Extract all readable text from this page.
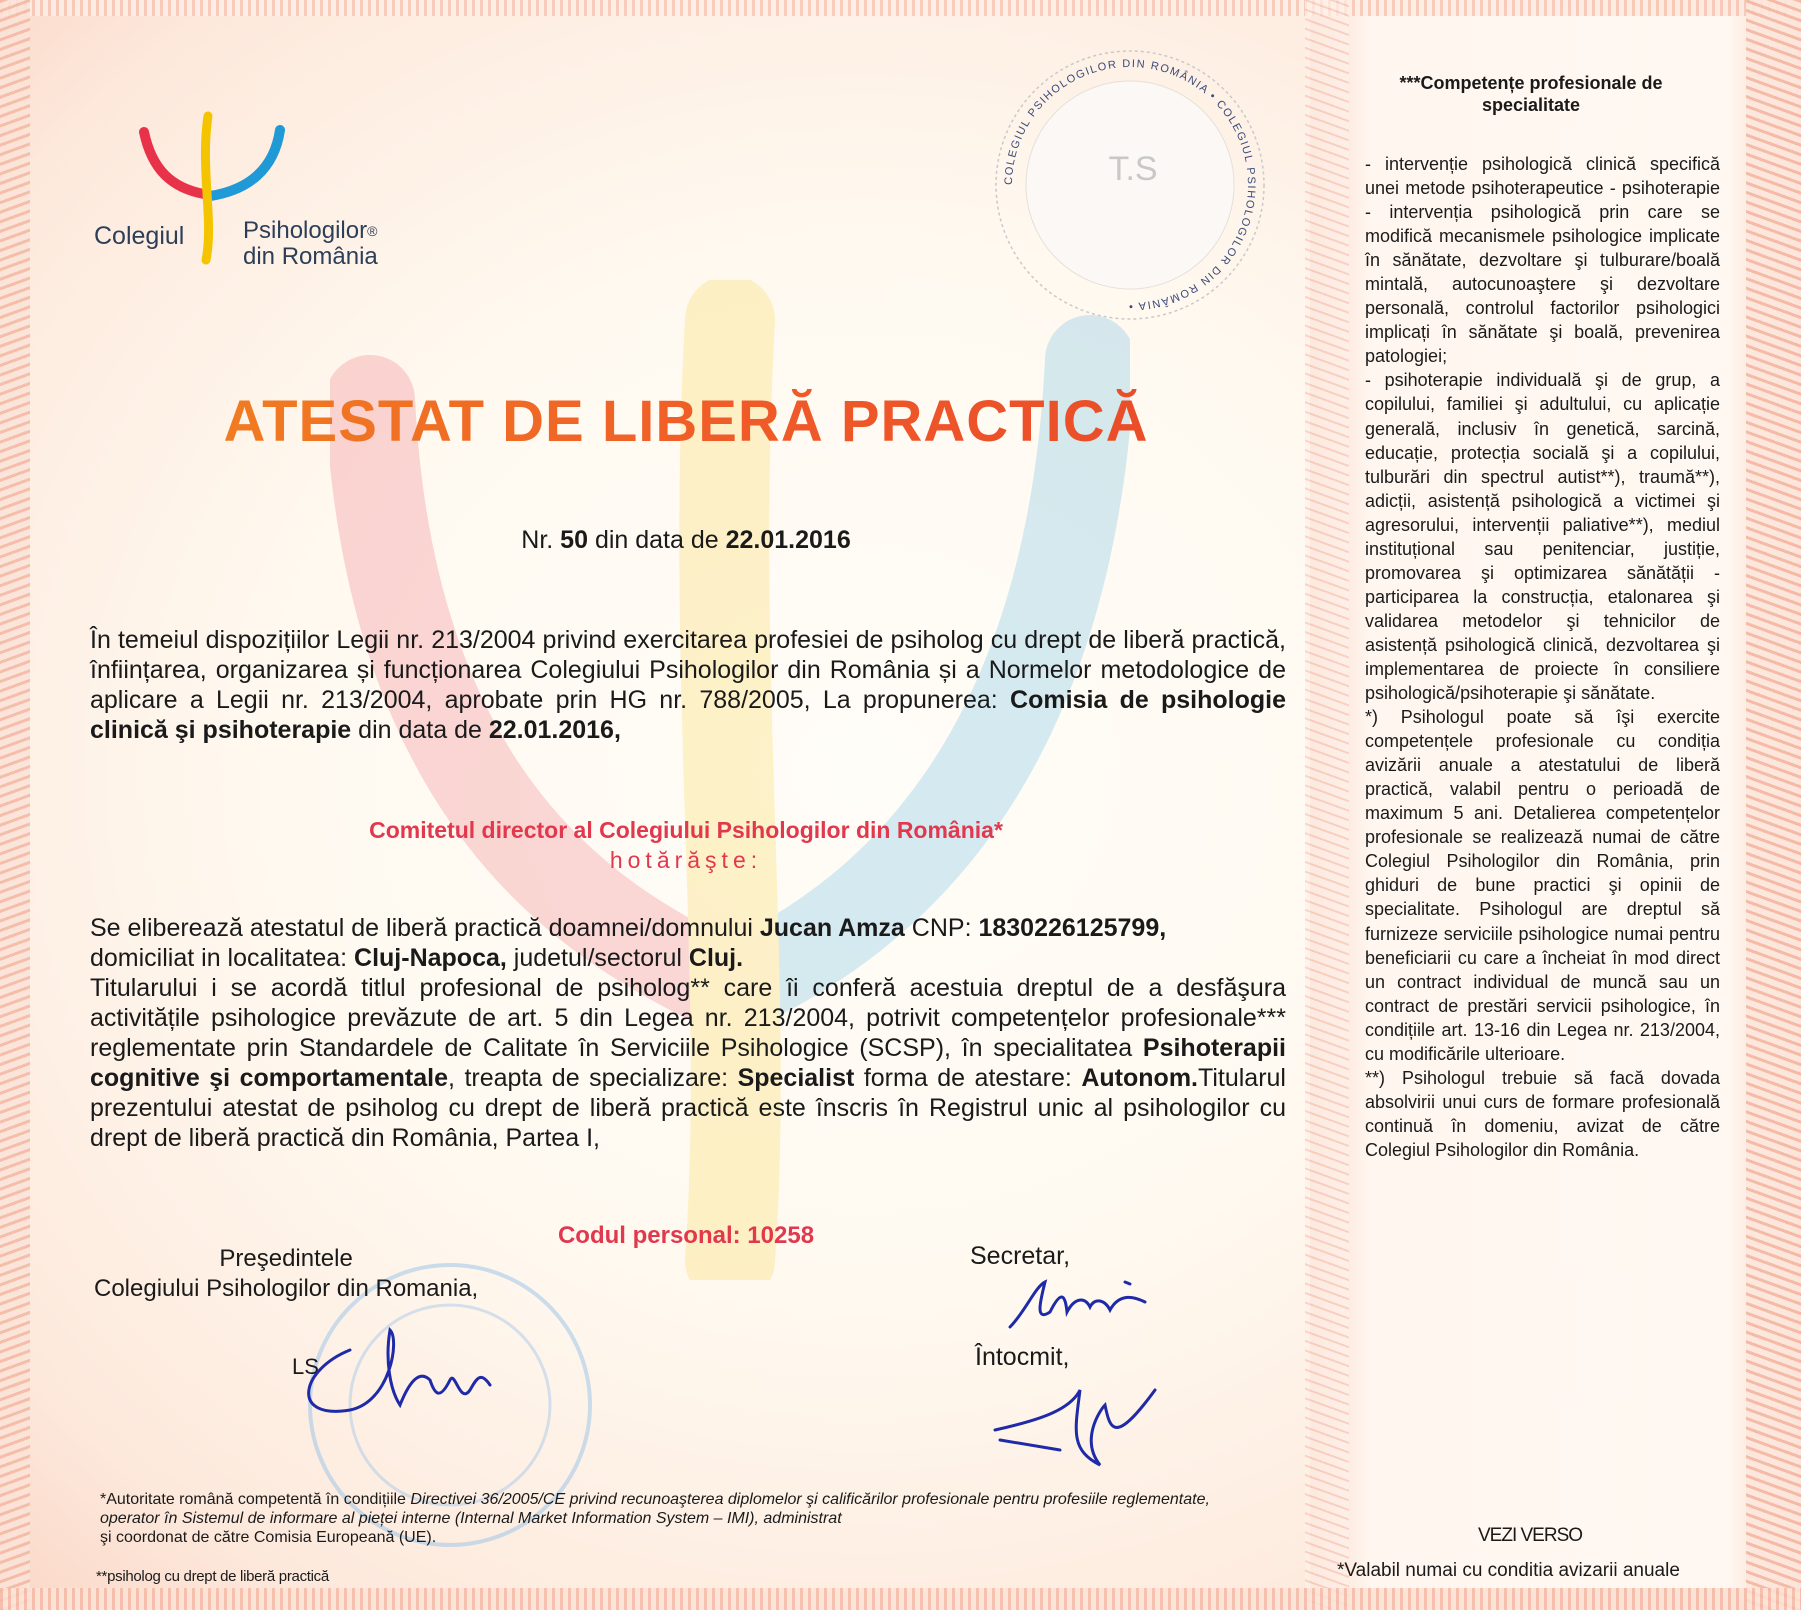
Colegiul Psihologilor®
din România
COLEGIUL PSIHOLOGILOR DIN ROMÂNIA • COLEGIUL PSIHOLOGILOR DIN ROMÂNIA •
T.S
ATESTAT DE LIBERĂ PRACTICĂ
Nr. 50 din data de 22.01.2016
În temeiul dispozițiilor Legii nr. 213/2004 privind exercitarea profesiei de psiholog cu drept de liberă practică, înființarea, organizarea și funcționarea Colegiului Psihologilor din România și a Normelor metodologice de aplicare a Legii nr. 213/2004, aprobate prin HG nr. 788/2005, La propunerea: Comisia de psihologie clinică şi psihoterapie din data de 22.01.2016,
Comitetul director al Colegiului Psihologilor din România*
hotărăşte:
Se eliberează atestatul de liberă practică doamnei/domnului Jucan Amza CNP: 1830226125799,
domiciliat in localitatea: Cluj-Napoca, judetul/sectorul Cluj.
Titularului i se acordă titlul profesional de psiholog** care îi conferă acestuia dreptul de a desfăşura activitățile psihologice prevăzute de art. 5 din Legea nr. 213/2004, potrivit competențelor profesionale*** reglementate prin Standardele de Calitate în Serviciile Psihologice (SCSP), în specialitatea Psihoterapii cognitive şi comportamentale, treapta de specializare: Specialist forma de atestare: Autonom.Titularul prezentului atestat de psiholog cu drept de liberă practică este înscris în Registrul unic al psihologilor cu drept de liberă practică din România, Partea I,
Codul personal: 10258
Preşedintele
Colegiului Psihologilor din Romania,
LS
Secretar,
Întocmit,
*Autoritate română competentă în condițiile Directivei 36/2005/CE privind recunoaşterea diplomelor şi calificărilor profesionale pentru profesiile reglementate, operator în Sistemul de informare al pieței interne (Internal Market Information System – IMI), administrat
şi coordonat de către Comisia Europeană (UE).
**psiholog cu drept de liberă practică
***Competențe profesionale de specialitate
- intervenție psihologică clinică specifică unei metode psihoterapeutice - psihoterapie - intervenția psihologică prin care se modifică mecanismele psihologice implicate în sănătate, dezvoltare şi tulburare/boală mintală, autocunoaştere şi dezvoltare personală, controlul factorilor psihologici implicați în sănătate şi boală, prevenirea patologiei;
- psihoterapie individuală şi de grup, a copilului, familiei şi adultului, cu aplicație generală, inclusiv în genetică, sarcină, educație, protecția socială şi a copilului, tulburări din spectrul autist**), traumă**), adicții, asistență psihologică a victimei şi agresorului, intervenții paliative**), mediul instituțional sau penitenciar, justiție, promovarea şi optimizarea sănătății - participarea la construcția, etalonarea şi validarea metodelor şi tehnicilor de asistență psihologică clinică, dezvoltarea şi implementarea de proiecte în consiliere psihologică/psihoterapie şi sănătate.
*) Psihologul poate să îşi exercite competențele profesionale cu condiția avizării anuale a atestatului de liberă practică, valabil pentru o perioadă de maximum 5 ani. Detalierea competențelor profesionale se realizează numai de către Colegiul Psihologilor din România, prin ghiduri de bune practici şi opinii de specialitate. Psihologul are dreptul să furnizeze serviciile psihologice numai pentru beneficiarii cu care a încheiat în mod direct un contract individual de muncă sau un contract de prestări servicii psihologice, în condițiile art. 13-16 din Legea nr. 213/2004, cu modificările ulterioare.
**) Psihologul trebuie să facă dovada absolvirii unui curs de formare profesională continuă în domeniu, avizat de către Colegiul Psihologilor din România.
VEZI VERSO
*Valabil numai cu conditia avizarii anuale
